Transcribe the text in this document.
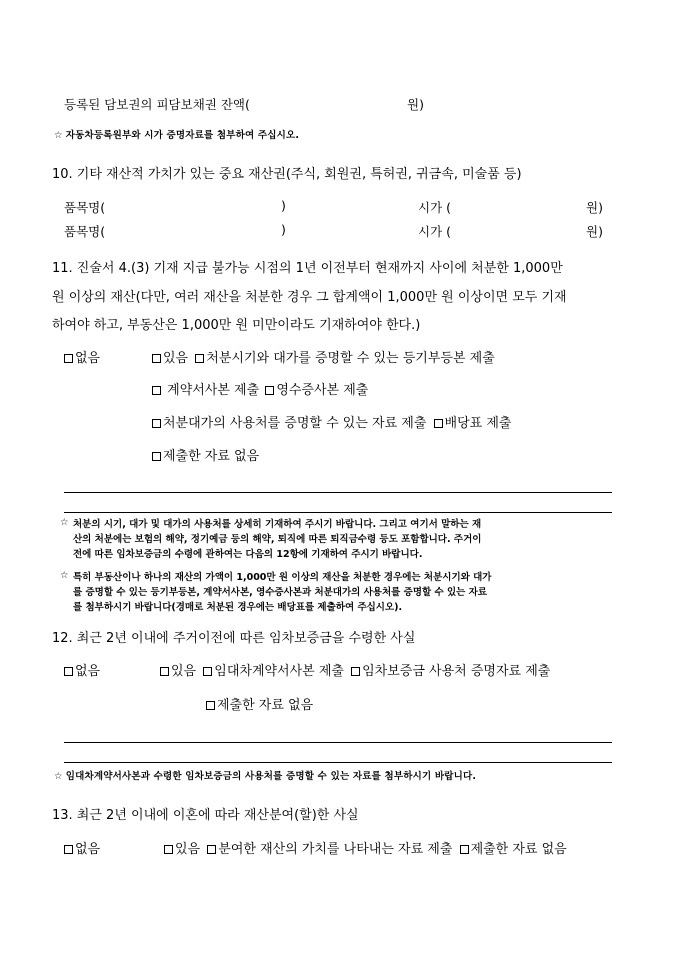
등록된 담보권의 피담보채권 잔액(	원)
☆ 자동차등록원부와 시가 증명자료를 첨부하여 주십시오.
10. 기타 재산적 가치가 있는 중요 재산권(주식, 회원권, 특허권, 귀금속, 미술품 등)
품목명(	)	시가 (	원)
품목명(	)	시가 (	원)
11. 진술서 4.(3) 기재 지급 불가능 시점의 1년 이전부터 현재까지 사이에 처분한 1,000만
원 이상의 재산(다만, 여러 재산을 처분한 경우 그 합계액이 1,000만 원 이상이면 모두 기재
하여야 하고, 부동산은 1,000만 원 미만이라도 기재하여야 한다.)
없음	있음 처분시기와 대가를 증명할 수 있는 등기부등본 제출
계약서사본 제출 영수증사본 제출
처분대가의 사용처를 증명할 수 있는 자료 제출 배당표 제출
제출한 자료 없음
☆ 처분의 시기, 대가 및 대가의 사용처를 상세히 기재하여 주시기 바랍니다. 그리고 여기서 말하는 재
산의 처분에는 보험의 해약, 정기예금 등의 해약, 퇴직에 따른 퇴직금수령 등도 포함합니다. 주거이
전에 따른 임차보증금의 수령에 관하여는 다음의 12항에 기재하여 주시기 바랍니다.
☆ 특히 부동산이나 하나의 재산의 가액이 1,000만 원 이상의 재산을 처분한 경우에는 처분시기와 대가
를 증명할 수 있는 등기부등본, 계약서사본, 영수증사본과 처분대가의 사용처를 증명할 수 있는 자료
를 첨부하시기 바랍니다(경매로 처분된 경우에는 배당표를 제출하여 주십시오).
12. 최근 2년 이내에 주거이전에 따른 임차보증금을 수령한 사실
없음	있음 임대차계약서사본 제출 임차보증금 사용처 증명자료 제출
제출한 자료 없음
☆ 임대차계약서사본과 수령한 임차보증금의 사용처를 증명할 수 있는 자료를 첨부하시기 바랍니다.
13. 최근 2년 이내에 이혼에 따라 재산분여(할)한 사실
없음	있음 분여한 재산의 가치를 나타내는 자료 제출 제출한 자료 없음
